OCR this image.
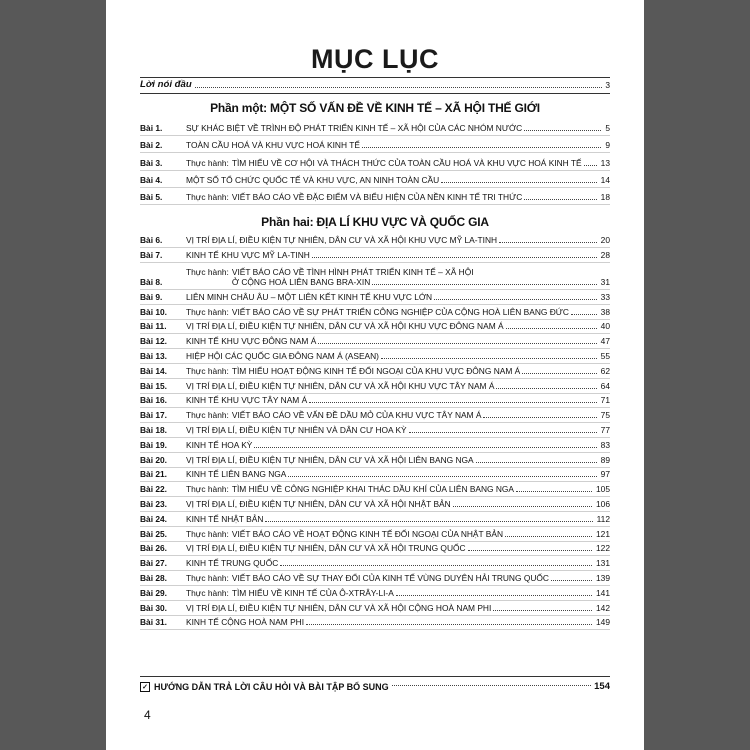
MỤC LỤC
Lời nói đầu	3
Phần một: MỘT SỐ VẤN ĐỀ VỀ KINH TẾ – XÃ HỘI THẾ GIỚI
Bài 1.	SỰ KHÁC BIỆT VỀ TRÌNH ĐỘ PHÁT TRIỂN KINH TẾ – XÃ HỘI CỦA CÁC NHÓM NƯỚC	5
Bài 2.	TOÀN CẦU HOÁ VÀ KHU VỰC HOÁ KINH TẾ	9
Bài 3.	Thực hành: TÌM HIỂU VỀ CƠ HỘI VÀ THÁCH THỨC CỦA TOÀN CẦU HOÁ VÀ KHU VỰC HOÁ KINH TẾ 13
Bài 4.	MỘT SỐ TỔ CHỨC QUỐC TẾ VÀ KHU VỰC, AN NINH TOÀN CẦU	14
Bài 5.	Thực hành: VIẾT BÁO CÁO VỀ ĐẶC ĐIỂM VÀ BIỂU HIỆN CỦA NỀN KINH TẾ TRI THỨC	18
Phần hai: ĐỊA LÍ KHU VỰC VÀ QUỐC GIA
Bài 6.	VỊ TRÍ ĐỊA LÍ, ĐIỀU KIỆN TỰ NHIÊN, DÂN CƯ VÀ XÃ HỘI KHU VỰC MỸ LA-TINH	20
Bài 7.	KINH TẾ KHU VỰC MỸ LA-TINH	28
Bài 8.
Thực hành: VIẾT BÁO CÁO VỀ TÌNH HÌNH PHÁT TRIỂN KINH TẾ – XÃ HỘI
Ở CỘNG HOÀ LIÊN BANG BRA-XIN	31
Bài 9.	LIÊN MINH CHÂU ÂU – MỘT LIÊN KẾT KINH TẾ KHU VỰC LỚN	33
Bài 10.	Thực hành: VIẾT BÁO CÁO VỀ SỰ PHÁT TRIỂN CÔNG NGHIỆP CỦA CỘNG HOÀ LIÊN BANG ĐỨC	38
Bài 11.	VỊ TRÍ ĐỊA LÍ, ĐIỀU KIỆN TỰ NHIÊN, DÂN CƯ VÀ XÃ HỘI KHU VỰC ĐÔNG NAM Á	40
Bài 12.	KINH TẾ KHU VỰC ĐÔNG NAM Á	47
Bài 13.	HIỆP HỘI CÁC QUỐC GIA ĐÔNG NAM Á (ASEAN)	55
Bài 14.	Thực hành: TÌM HIỂU HOẠT ĐỘNG KINH TẾ ĐỐI NGOẠI CỦA KHU VỰC ĐÔNG NAM Á	62
Bài 15.	VỊ TRÍ ĐỊA LÍ, ĐIỀU KIỆN TỰ NHIÊN, DÂN CƯ VÀ XÃ HỘI KHU VỰC TÂY NAM Á	64
Bài 16.	KINH TẾ KHU VỰC TÂY NAM Á	71
Bài 17.	Thực hành: VIẾT BÁO CÁO VỀ VẤN ĐỀ DẦU MỎ CỦA KHU VỰC TÂY NAM Á	75
Bài 18.	VỊ TRÍ ĐỊA LÍ, ĐIỀU KIỆN TỰ NHIÊN VÀ DÂN CƯ HOA KỲ	77
Bài 19.	KINH TẾ HOA KỲ	83
Bài 20.	VỊ TRÍ ĐỊA LÍ, ĐIỀU KIỆN TỰ NHIÊN, DÂN CƯ VÀ XÃ HỘI LIÊN BANG NGA	89
Bài 21.	KINH TẾ LIÊN BANG NGA	97
Bài 22.	Thực hành: TÌM HIỂU VỀ CÔNG NGHIỆP KHAI THÁC DẦU KHÍ CỦA LIÊN BANG NGA	105
Bài 23.	VỊ TRÍ ĐỊA LÍ, ĐIỀU KIỆN TỰ NHIÊN, DÂN CƯ VÀ XÃ HỘI NHẬT BẢN	106
Bài 24.	KINH TẾ NHẬT BẢN	112
Bài 25.	Thực hành: VIẾT BÁO CÁO VỀ HOẠT ĐỘNG KINH TẾ ĐỐI NGOẠI CỦA NHẬT BẢN	121
Bài 26.	VỊ TRÍ ĐỊA LÍ, ĐIỀU KIỆN TỰ NHIÊN, DÂN CƯ VÀ XÃ HỘI TRUNG QUỐC	122
Bài 27.	KINH TẾ TRUNG QUỐC	131
Bài 28.	Thực hành: VIẾT BÁO CÁO VỀ SỰ THAY ĐỔI CỦA KINH TẾ VÙNG DUYÊN HẢI TRUNG QUỐC	139
Bài 29.	Thực hành: TÌM HIỂU VỀ KINH TẾ CỦA Ô-XTRÂY-LI-A	141
Bài 30.	VỊ TRÍ ĐỊA LÍ, ĐIỀU KIỆN TỰ NHIÊN, DÂN CƯ VÀ XÃ HỘI CỘNG HOÀ NAM PHI	142
Bài 31.	KINH TẾ CỘNG HOÀ NAM PHI	149
✓ HƯỚNG DẪN TRẢ LỜI CÂU HỎI VÀ BÀI TẬP BỔ SUNG	154
4
